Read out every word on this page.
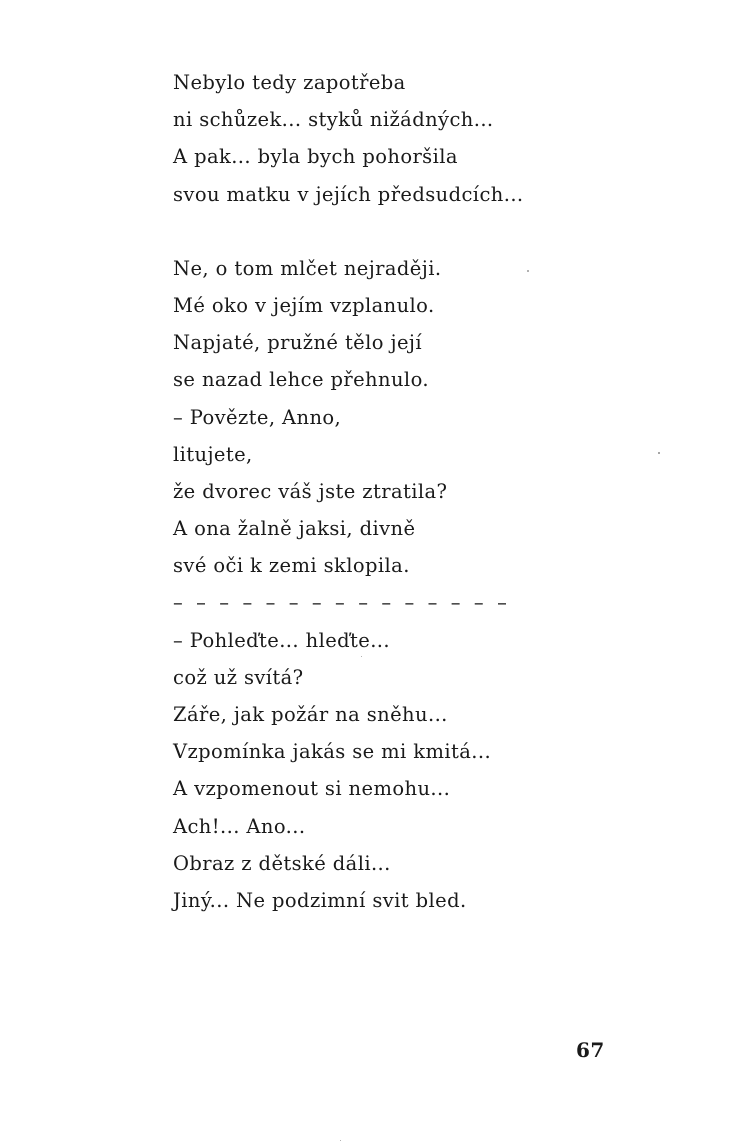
Nebylo tedy zapotřeba
ni schůzek... styků nižádných...
A pak... byla bych pohoršila
svou matku v jejích předsudcích...
Ne, o tom mlčet nejraději.
Mé oko v jejím vzplanulo.
Napjaté, pružné tělo její
se nazad lehce přehnulo.
– Povězte, Anno,
litujete,
že dvorec váš jste ztratila?
A ona žalně jaksi, divně
své oči k zemi sklopila.
– – – – – – – – – – – – – – –
– Pohleďte... hleďte...
což už svítá?
Záře, jak požár na sněhu...
Vzpomínka jakás se mi kmitá...
A vzpomenout si nemohu...
Ach!... Ano...
Obraz z dětské dáli...
Jiný... Ne podzimní svit bled.
67
